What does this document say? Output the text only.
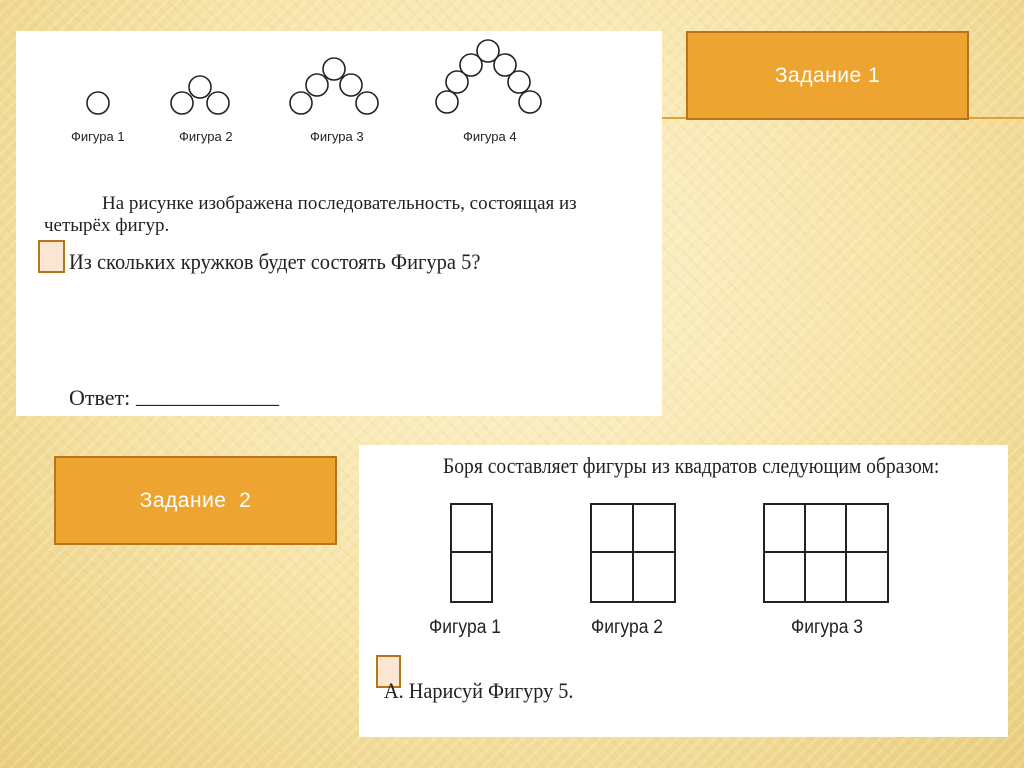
Фигура 1	Фигура 2	Фигура 3	Фигура 4
На рисунке изображена последовательность, состоящая из
четырёх фигур.
Из скольких кружков будет состоять Фигура 5?
Ответ: _____________
Боря составляет фигуры из квадратов следующим образом:
Фигура 1	Фигура 2	Фигура 3
А. Нарисуй Фигуру 5.
Задание 1
Задание  2
